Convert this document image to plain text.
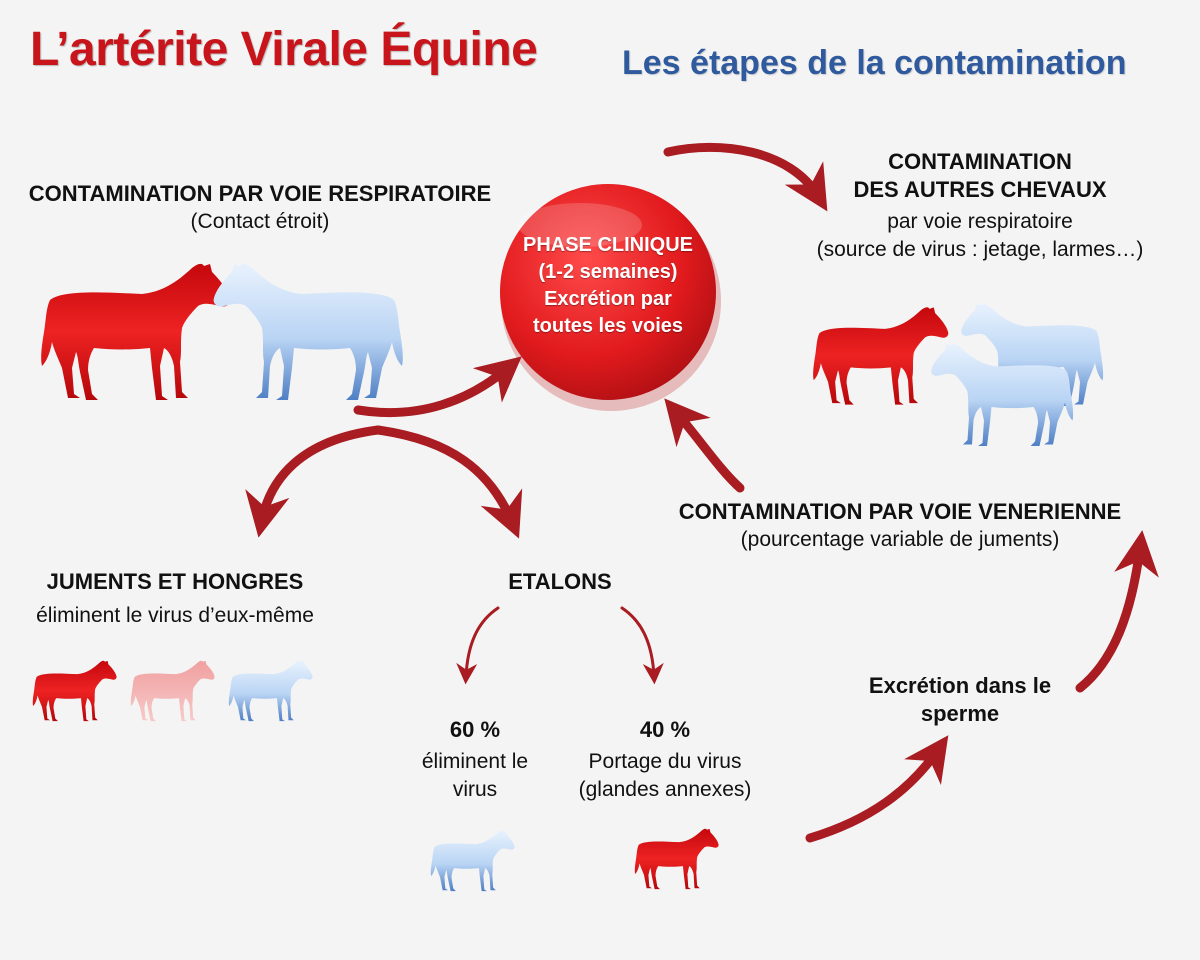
L’artérite Virale Équine Les étapes de la contamination
CONTAMINATION PAR VOIE RESPIRATOIRE
(Contact étroit)
PHASE CLINIQUE
(1-2 semaines)
Excrétion par
toutes les voies
CONTAMINATION
DES AUTRES CHEVAUX
par voie respiratoire
(source de virus : jetage, larmes…)
CONTAMINATION PAR VOIE VENERIENNE
(pourcentage variable de juments)
JUMENTS ET HONGRES
éliminent le virus d’eux-même
ETALONS
60 %
éliminent le
virus
40 %
Portage du virus
(glandes annexes)
Excrétion dans le
sperme
